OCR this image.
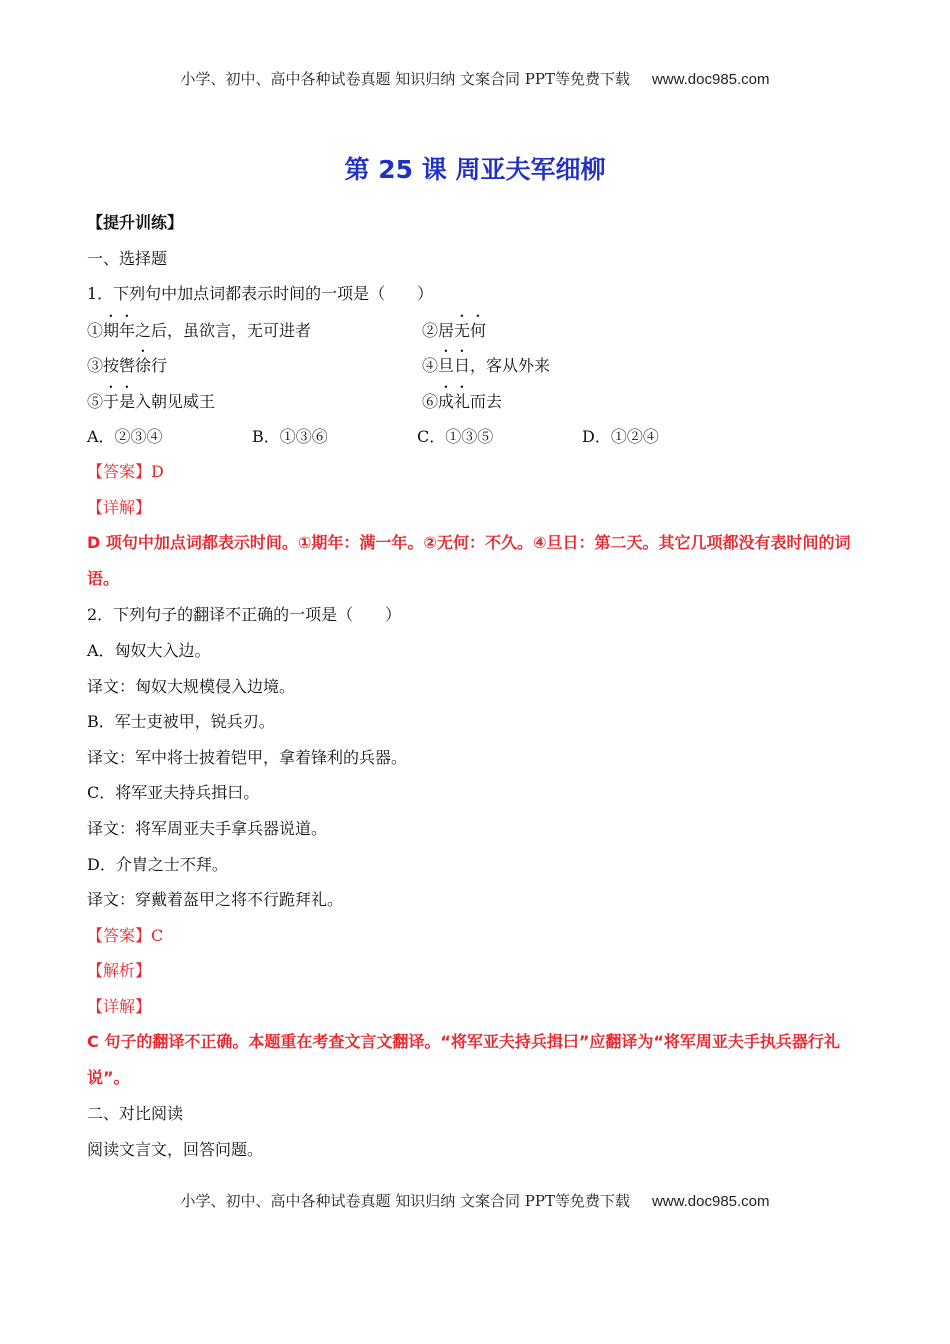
小学、初中、高中各种试卷真题 知识归纳 文案合同 PPT等免费下载 www.doc985.com
第 25 课 周亚夫军细柳
【提升训练】
一、选择题
1．下列句中加点词都表示时间的一项是（　　）
①期年之后，虽欲言，无可进者	②居无何
③按辔徐行	④旦日，客从外来
⑤于是入朝见威王	⑥成礼而去
A．②③④	B．①③⑥	C．①③⑤	D．①②④
【答案】D
【详解】
D 项句中加点词都表示时间。①期年：满一年。②无何：不久。④旦日：第二天。其它几项都没有表时间的词语。
2．下列句子的翻译不正确的一项是（　　）
A．匈奴大入边。
译文：匈奴大规模侵入边境。
B．军士吏被甲，锐兵刃。
译文：军中将士披着铠甲，拿着锋利的兵器。
C．将军亚夫持兵揖曰。
译文：将军周亚夫手拿兵器说道。
D．介胄之士不拜。
译文：穿戴着盔甲之将不行跪拜礼。
【答案】C
【解析】
【详解】
C 句子的翻译不正确。本题重在考查文言文翻译。“将军亚夫持兵揖曰”应翻译为“将军周亚夫手执兵器行礼说”。
二、对比阅读
阅读文言文，回答问题。
小学、初中、高中各种试卷真题 知识归纳 文案合同 PPT等免费下载 www.doc985.com
